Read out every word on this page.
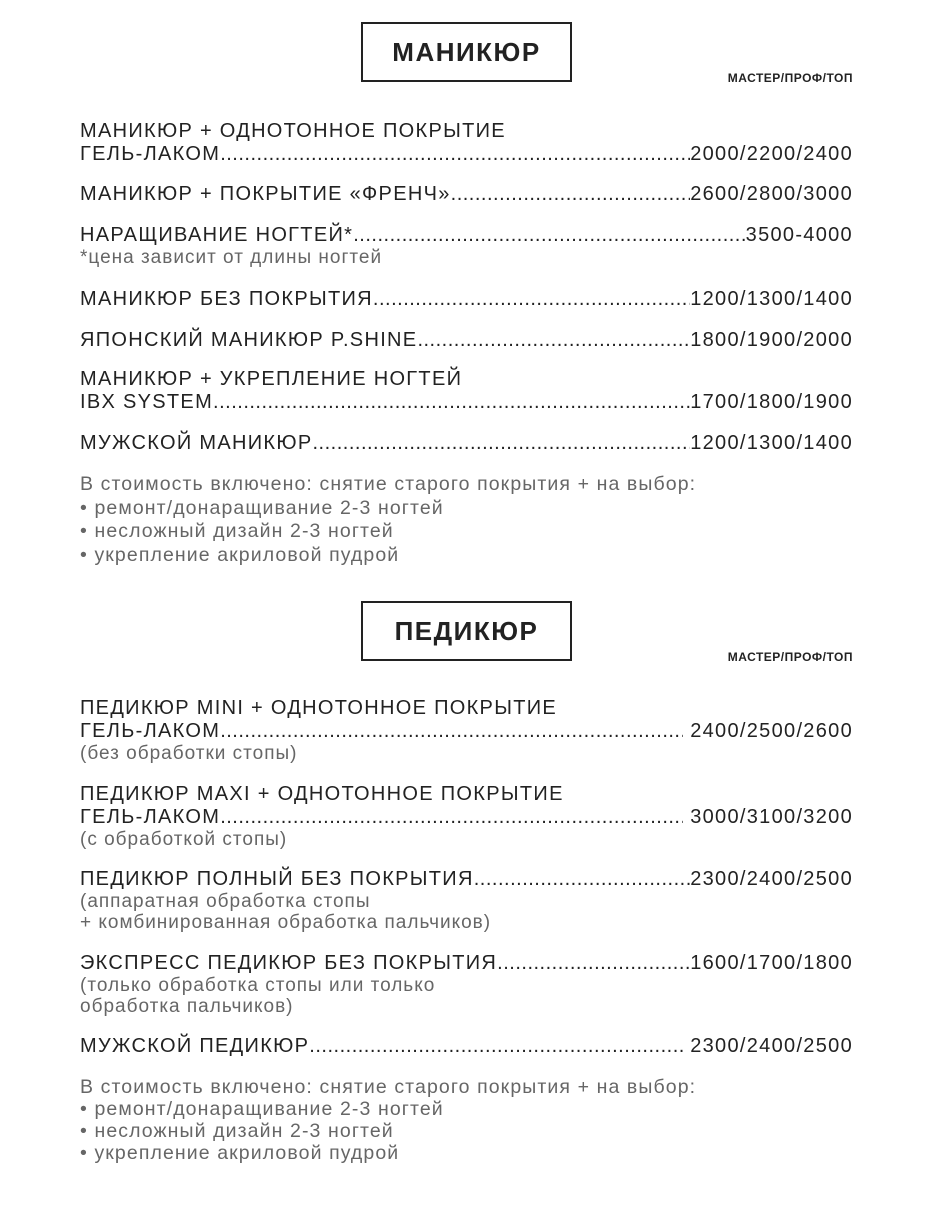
МАНИКЮР
МАСТЕР/ПРОФ/ТОП
МАНИКЮР + ОДНОТОННОЕ ПОКРЫТИЕ
ГЕЛЬ-ЛАКОМ .....	2000/2200/2400
МАНИКЮР + ПОКРЫТИЕ «ФРЕНЧ» .....	2600/2800/3000
НАРАЩИВАНИЕ НОГТЕЙ* .....	3500-4000
*цена зависит от длины ногтей
МАНИКЮР БЕЗ ПОКРЫТИЯ .....	1200/1300/1400
ЯПОНСКИЙ МАНИКЮР P.SHINE .....	1800/1900/2000
МАНИКЮР + УКРЕПЛЕНИЕ НОГТЕЙ
IBX SYSTEM .....	1700/1800/1900
МУЖСКОЙ МАНИКЮР .....	1200/1300/1400
В стоимость включено: снятие старого покрытия + на выбор:
• ремонт/донаращивание 2-3 ногтей
• несложный дизайн 2-3 ногтей
• укрепление акриловой пудрой
ПЕДИКЮР
МАСТЕР/ПРОФ/ТОП
ПЕДИКЮР MINI + ОДНОТОННОЕ ПОКРЫТИЕ
ГЕЛЬ-ЛАКОМ .....	2400/2500/2600
(без обработки стопы)
ПЕДИКЮР MAXI + ОДНОТОННОЕ ПОКРЫТИЕ
ГЕЛЬ-ЛАКОМ .....	3000/3100/3200
(с обработкой стопы)
ПЕДИКЮР ПОЛНЫЙ БЕЗ ПОКРЫТИЯ .....	2300/2400/2500
(аппаратная обработка стопы
+ комбинированная обработка пальчиков)
ЭКСПРЕСС ПЕДИКЮР БЕЗ ПОКРЫТИЯ .....	1600/1700/1800
(только обработка стопы или только
обработка пальчиков)
МУЖСКОЙ ПЕДИКЮР .....	2300/2400/2500
В стоимость включено: снятие старого покрытия + на выбор:
• ремонт/донаращивание 2-3 ногтей
• несложный дизайн 2-3 ногтей
• укрепление акриловой пудрой
